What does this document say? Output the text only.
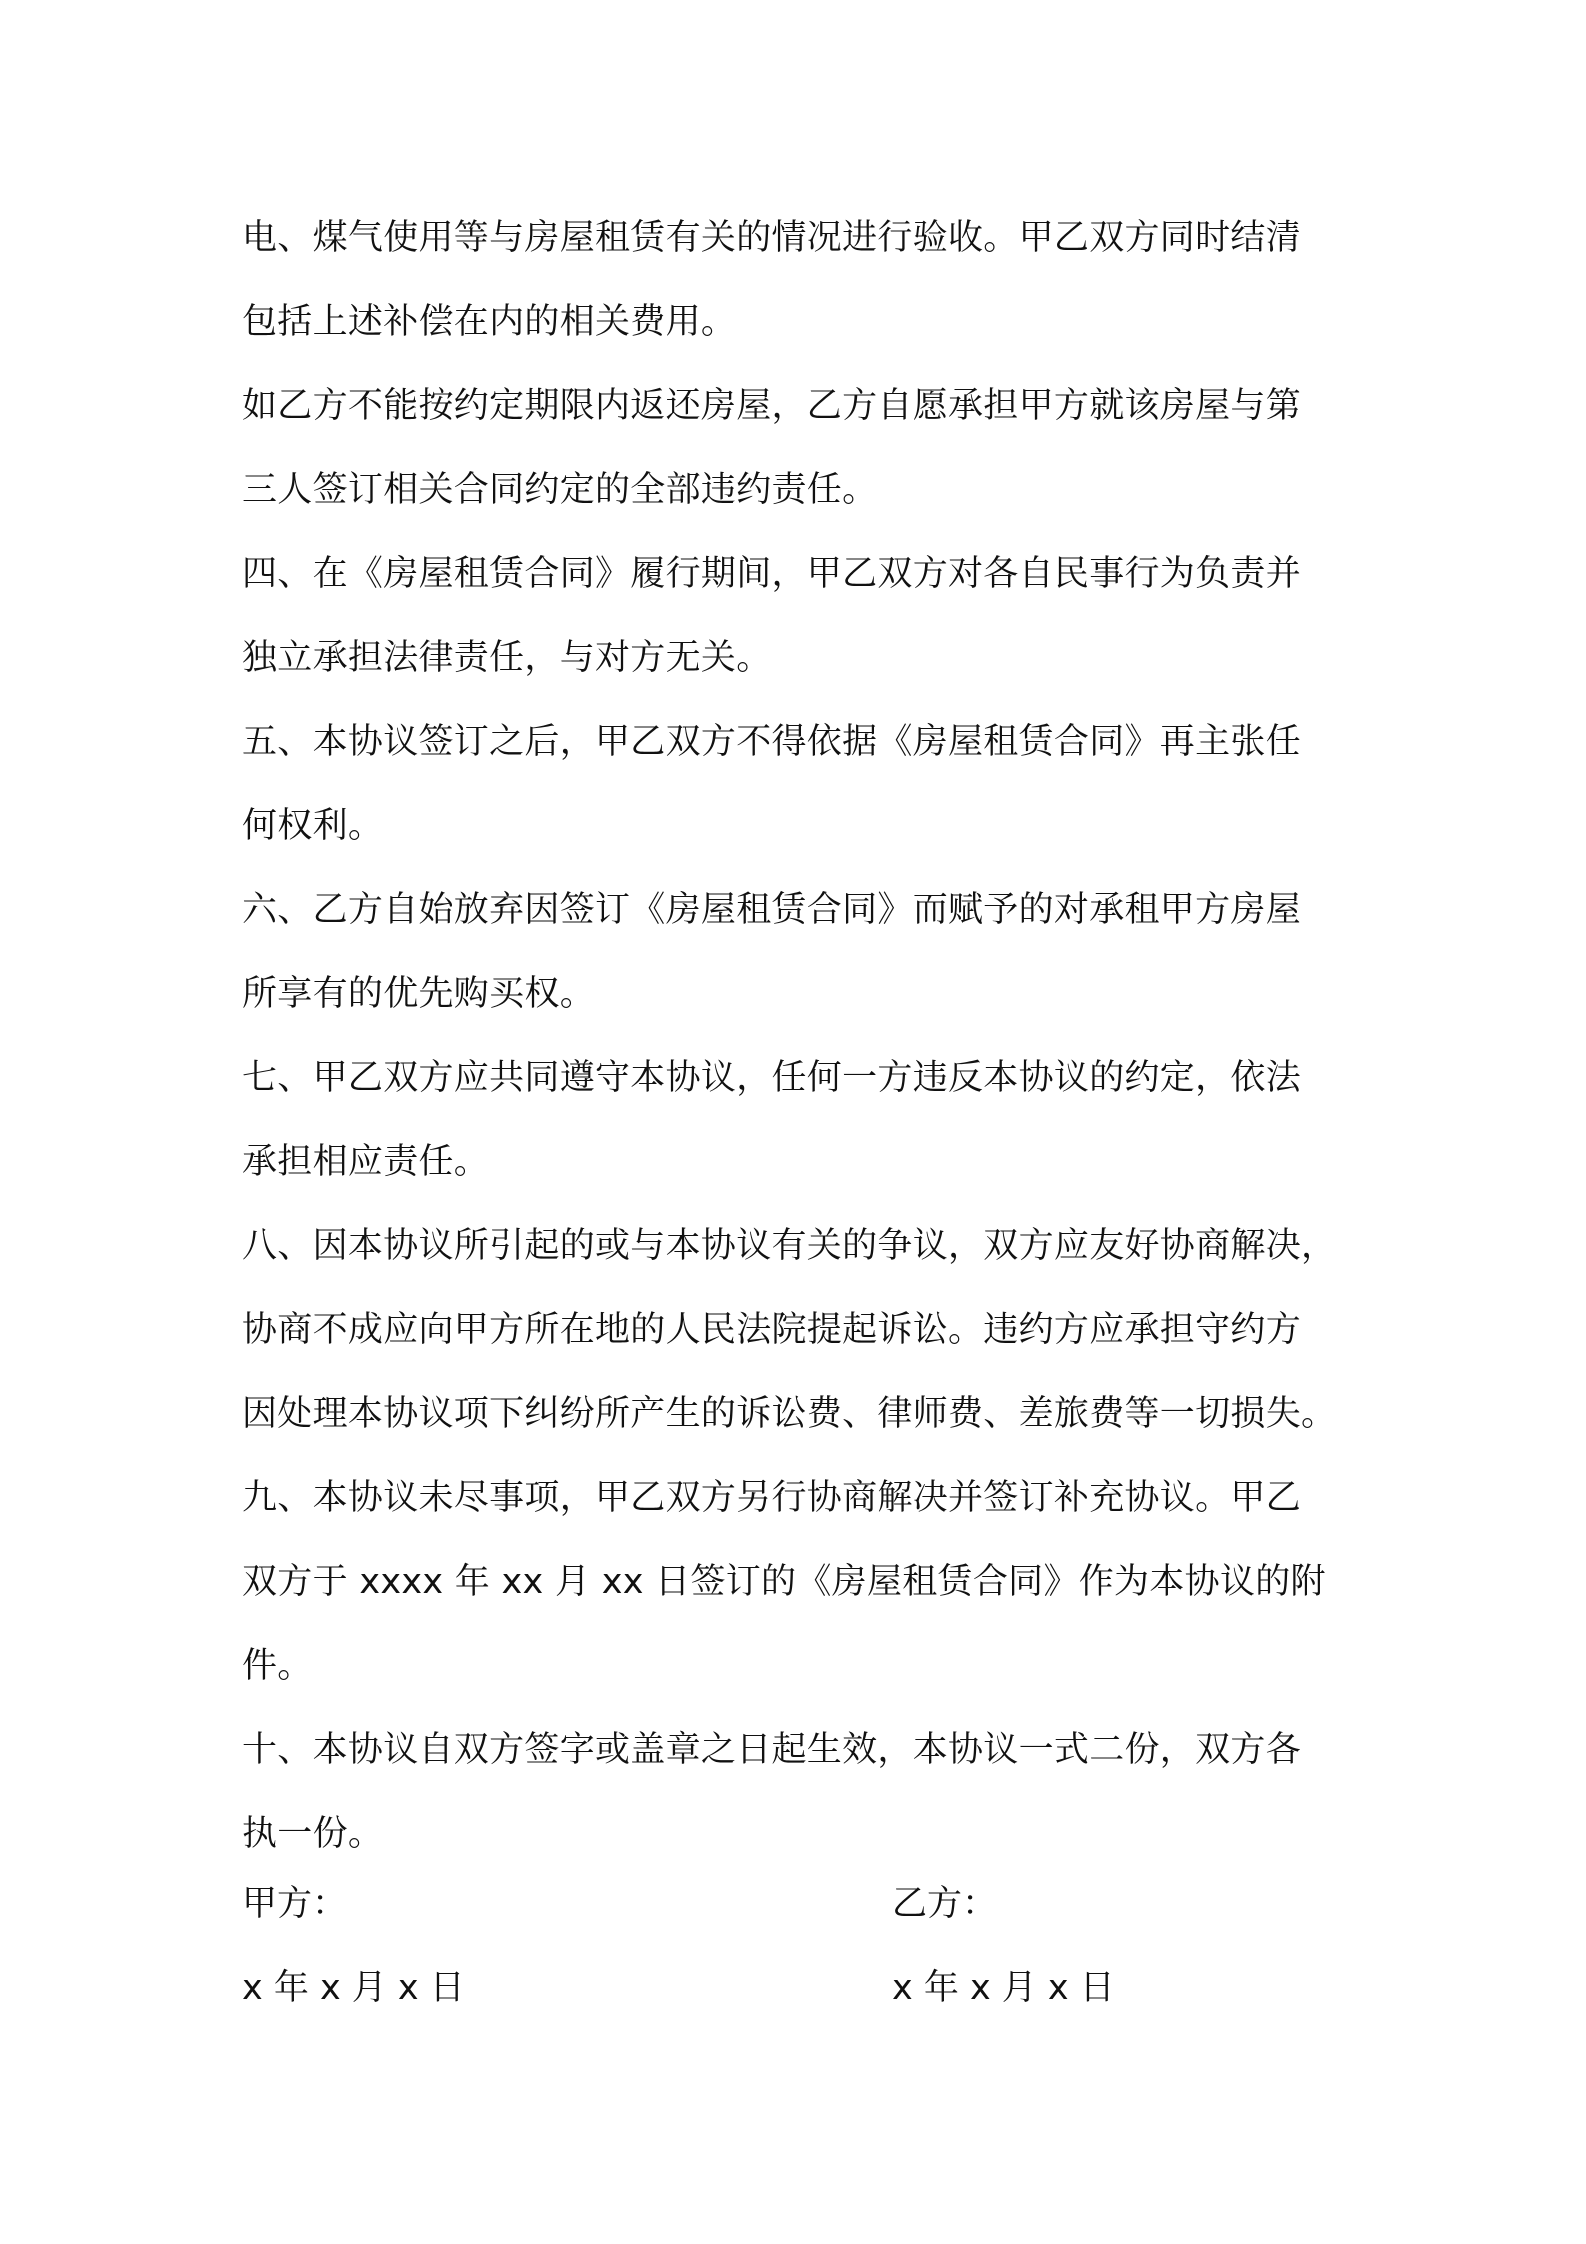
电、煤气使用等与房屋租赁有关的情况进行验收。甲乙双方同时结清
包括上述补偿在内的相关费用。
如乙方不能按约定期限内返还房屋，乙方自愿承担甲方就该房屋与第
三人签订相关合同约定的全部违约责任。
四、在《房屋租赁合同》履行期间，甲乙双方对各自民事行为负责并
独立承担法律责任，与对方无关。
五、本协议签订之后，甲乙双方不得依据《房屋租赁合同》再主张任
何权利。
六、乙方自始放弃因签订《房屋租赁合同》而赋予的对承租甲方房屋
所享有的优先购买权。
七、甲乙双方应共同遵守本协议，任何一方违反本协议的约定，依法
承担相应责任。
八、因本协议所引起的或与本协议有关的争议，双方应友好协商解决，
协商不成应向甲方所在地的人民法院提起诉讼。违约方应承担守约方
因处理本协议项下纠纷所产生的诉讼费、律师费、差旅费等一切损失。
九、本协议未尽事项，甲乙双方另行协商解决并签订补充协议。甲乙
双方于 xxxx 年 xx 月 xx 日签订的《房屋租赁合同》作为本协议的附
件。
十、本协议自双方签字或盖章之日起生效，本协议一式二份，双方各
执一份。
甲方：
x 年 x 月 x 日
乙方：
x 年 x 月 x 日
